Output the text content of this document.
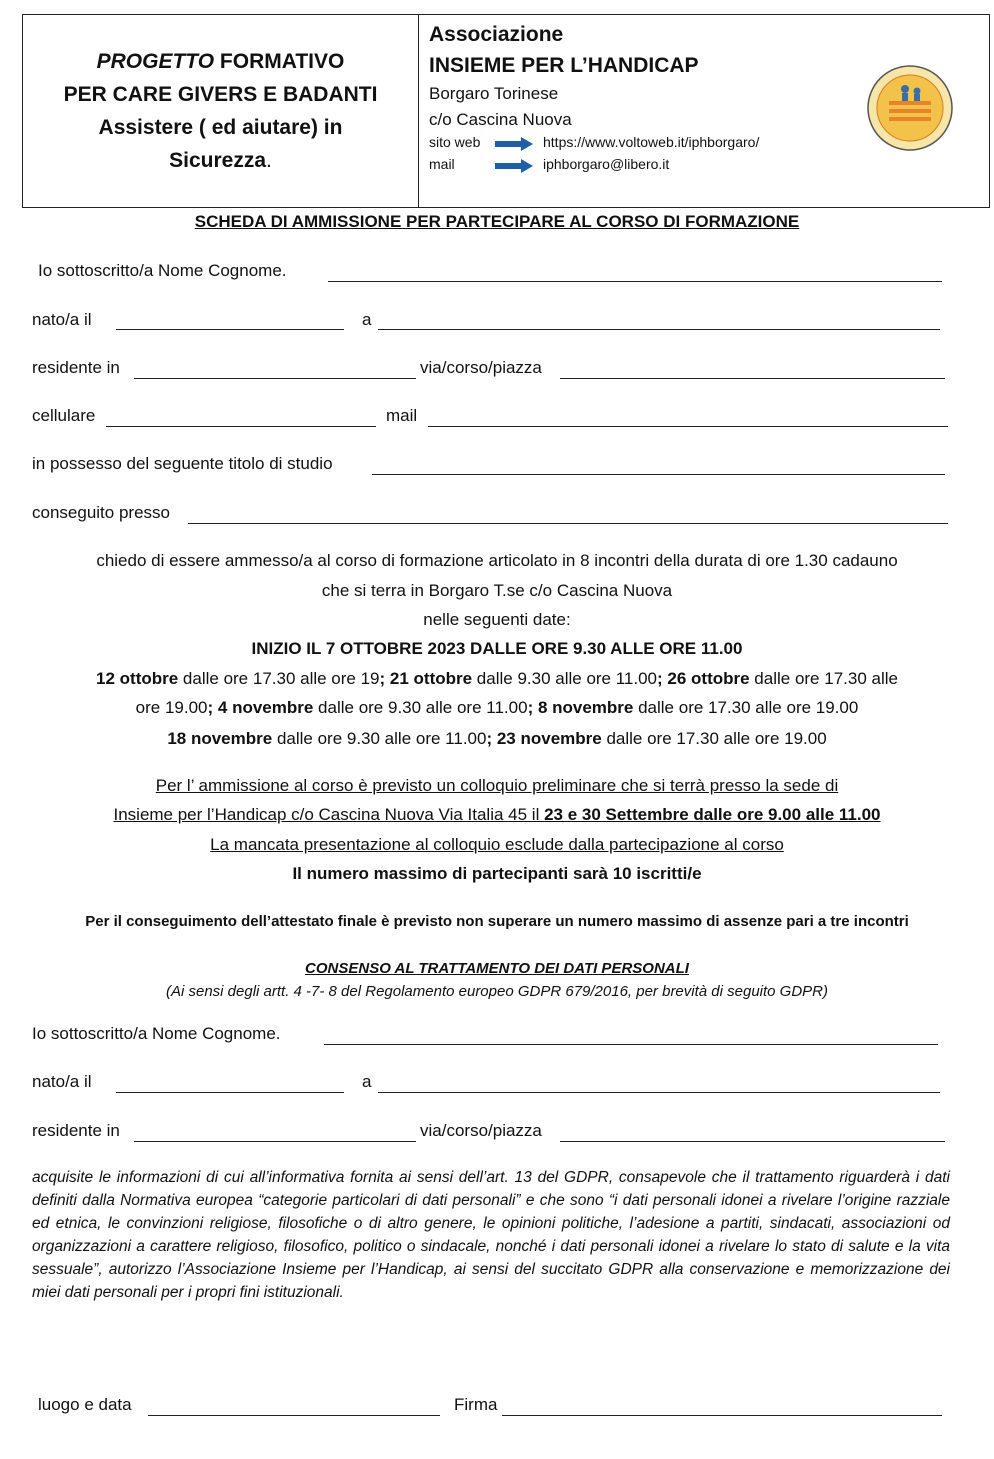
PROGETTO FORMATIVO
PER CARE GIVERS E BADANTI
Assistere ( ed aiutare) in
Sicurezza.
Associazione
INSIEME PER L’HANDICAP
Borgaro Torinese
c/o Cascina Nuova
sito web	https://www.voltoweb.it/iphborgaro/
mail	iphborgaro@libero.it
SCHEDA DI AMMISSIONE PER PARTECIPARE AL CORSO DI FORMAZIONE
Io sottoscritto/a Nome Cognome.
nato/a il	a
residente in	via/corso/piazza
cellulare	mail
in possesso del seguente titolo di studio
conseguito presso
chiedo di essere ammesso/a al corso di formazione articolato in 8 incontri della durata di ore 1.30 cadauno
che si terra in Borgaro T.se c/o Cascina Nuova
nelle seguenti date:
INIZIO IL 7 OTTOBRE 2023 DALLE ORE 9.30 ALLE ORE 11.00
12 ottobre dalle ore 17.30 alle ore 19; 21 ottobre dalle 9.30 alle ore 11.00; 26 ottobre dalle ore 17.30 alle
ore 19.00; 4 novembre dalle ore 9.30 alle ore 11.00; 8 novembre dalle ore 17.30 alle ore 19.00
18 novembre dalle ore 9.30 alle ore 11.00; 23 novembre dalle ore 17.30 alle ore 19.00
Per l’ ammissione al corso è previsto un colloquio preliminare che si terrà presso la sede di
Insieme per l’Handicap c/o Cascina Nuova Via Italia 45 il 23 e 30 Settembre dalle ore 9.00 alle 11.00
La mancata presentazione al colloquio esclude dalla partecipazione al corso
Il numero massimo di partecipanti sarà 10 iscritti/e
Per il conseguimento dell’attestato finale è previsto non superare un numero massimo di assenze pari a tre incontri
CONSENSO AL TRATTAMENTO DEI DATI PERSONALI
(Ai sensi degli artt. 4 -7- 8 del Regolamento europeo GDPR 679/2016, per brevità di seguito GDPR)
Io sottoscritto/a Nome Cognome.
nato/a il	a
residente in	via/corso/piazza
acquisite le informazioni di cui all’informativa fornita ai sensi dell’art. 13 del GDPR, consapevole che il trattamento riguarderà i dati definiti dalla Normativa europea “categorie particolari di dati personali” e che sono “i dati personali idonei a rivelare l’origine razziale ed etnica, le convinzioni religiose, filosofiche o di altro genere, le opinioni politiche, l’adesione a partiti, sindacati, associazioni od organizzazioni a carattere religioso, filosofico, politico o sindacale, nonché i dati personali idonei a rivelare lo stato di salute e la vita sessuale”, autorizzo l’Associazione Insieme per l’Handicap, ai sensi del succitato GDPR alla conservazione e memorizzazione dei miei dati personali per i propri fini istituzionali.
luogo e data	Firma
